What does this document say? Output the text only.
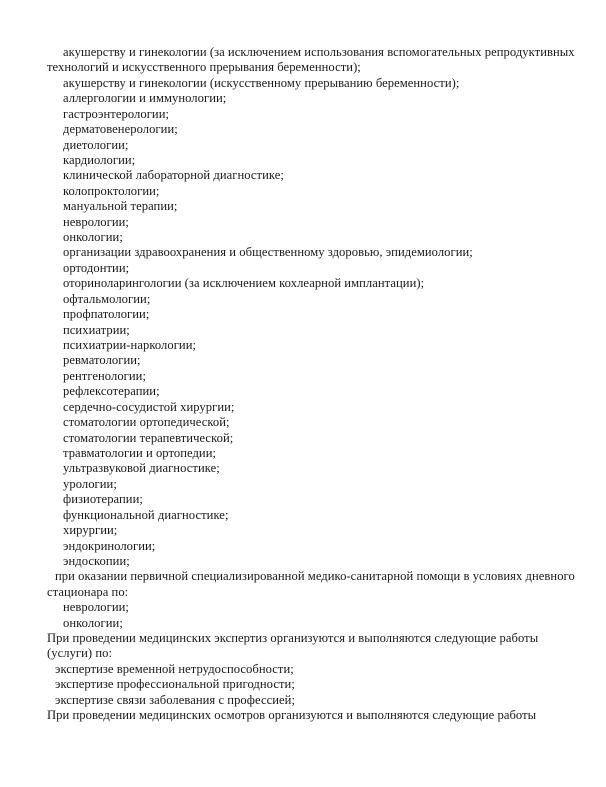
акушерству и гинекологии (за исключением использования вспомогательных репродуктивных
технологий и искусственного прерывания беременности);
акушерству и гинекологии (искусственному прерыванию беременности);
аллергологии и иммунологии;
гастроэнтерологии;
дерматовенерологии;
диетологии;
кардиологии;
клинической лабораторной диагностике;
колопроктологии;
мануальной терапии;
неврологии;
онкологии;
организации здравоохранения и общественному здоровью, эпидемиологии;
ортодонтии;
оториноларингологии (за исключением кохлеарной имплантации);
офтальмологии;
профпатологии;
психиатрии;
психиатрии-наркологии;
ревматологии;
рентгенологии;
рефлексотерапии;
сердечно-сосудистой хирургии;
стоматологии ортопедической;
стоматологии терапевтической;
травматологии и ортопедии;
ультразвуковой диагностике;
урологии;
физиотерапии;
функциональной диагностике;
хирургии;
эндокринологии;
эндоскопии;
при оказании первичной специализированной медико-санитарной помощи в условиях дневного
стационара по:
неврологии;
онкологии;
При проведении медицинских экспертиз организуются и выполняются следующие работы
(услуги) по:
экспертизе временной нетрудоспособности;
экспертизе профессиональной пригодности;
экспертизе связи заболевания с профессией;
При проведении медицинских осмотров организуются и выполняются следующие работы
